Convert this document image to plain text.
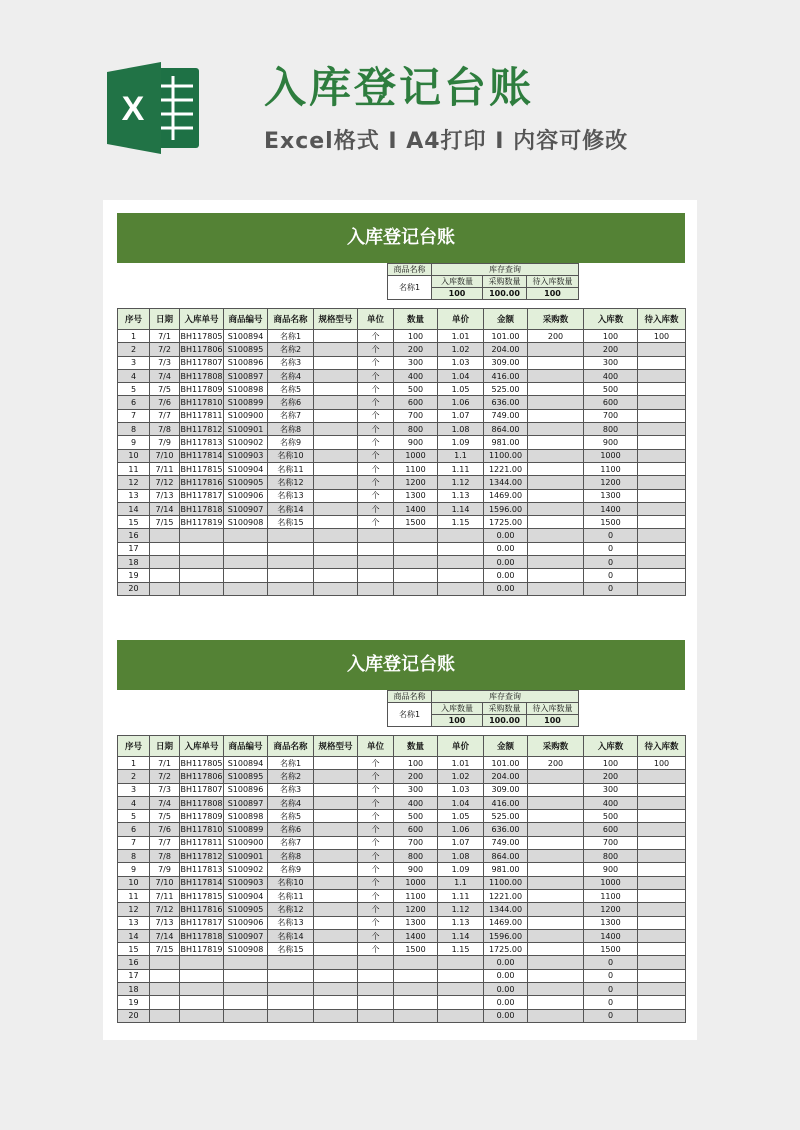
X	入库登记台账
Excel格式 I A4打印 I 内容可修改
入库登记台账
商品名称	库存查询		
名称1	入库数量	采购数量	待入库数量
	100	100.00	100
序号	日期	入库单号	商品编号	商品名称	规格型号	单位	数量	单价	金额	采购数	入库数	待入库数
1	7/1	BH117805	S100894	名称1		个	100	1.01	101.00	200	100	100
2	7/2	BH117806	S100895	名称2		个	200	1.02	204.00		200	
3	7/3	BH117807	S100896	名称3		个	300	1.03	309.00		300	
4	7/4	BH117808	S100897	名称4		个	400	1.04	416.00		400	
5	7/5	BH117809	S100898	名称5		个	500	1.05	525.00		500	
6	7/6	BH117810	S100899	名称6		个	600	1.06	636.00		600	
7	7/7	BH117811	S100900	名称7		个	700	1.07	749.00		700	
8	7/8	BH117812	S100901	名称8		个	800	1.08	864.00		800	
9	7/9	BH117813	S100902	名称9		个	900	1.09	981.00		900	
10	7/10	BH117814	S100903	名称10		个	1000	1.1	1100.00		1000	
11	7/11	BH117815	S100904	名称11		个	1100	1.11	1221.00		1100	
12	7/12	BH117816	S100905	名称12		个	1200	1.12	1344.00		1200	
13	7/13	BH117817	S100906	名称13		个	1300	1.13	1469.00		1300	
14	7/14	BH117818	S100907	名称14		个	1400	1.14	1596.00		1400	
15	7/15	BH117819	S100908	名称15		个	1500	1.15	1725.00		1500	
16									0.00		0	
17									0.00		0	
18									0.00		0	
19									0.00		0	
20									0.00		0	
入库登记台账
商品名称	库存查询		
名称1	入库数量	采购数量	待入库数量
	100	100.00	100
序号	日期	入库单号	商品编号	商品名称	规格型号	单位	数量	单价	金额	采购数	入库数	待入库数
1	7/1	BH117805	S100894	名称1		个	100	1.01	101.00	200	100	100
2	7/2	BH117806	S100895	名称2		个	200	1.02	204.00		200	
3	7/3	BH117807	S100896	名称3		个	300	1.03	309.00		300	
4	7/4	BH117808	S100897	名称4		个	400	1.04	416.00		400	
5	7/5	BH117809	S100898	名称5		个	500	1.05	525.00		500	
6	7/6	BH117810	S100899	名称6		个	600	1.06	636.00		600	
7	7/7	BH117811	S100900	名称7		个	700	1.07	749.00		700	
8	7/8	BH117812	S100901	名称8		个	800	1.08	864.00		800	
9	7/9	BH117813	S100902	名称9		个	900	1.09	981.00		900	
10	7/10	BH117814	S100903	名称10		个	1000	1.1	1100.00		1000	
11	7/11	BH117815	S100904	名称11		个	1100	1.11	1221.00		1100	
12	7/12	BH117816	S100905	名称12		个	1200	1.12	1344.00		1200	
13	7/13	BH117817	S100906	名称13		个	1300	1.13	1469.00		1300	
14	7/14	BH117818	S100907	名称14		个	1400	1.14	1596.00		1400	
15	7/15	BH117819	S100908	名称15		个	1500	1.15	1725.00		1500	
16									0.00		0	
17									0.00		0	
18									0.00		0	
19									0.00		0	
20									0.00		0	
